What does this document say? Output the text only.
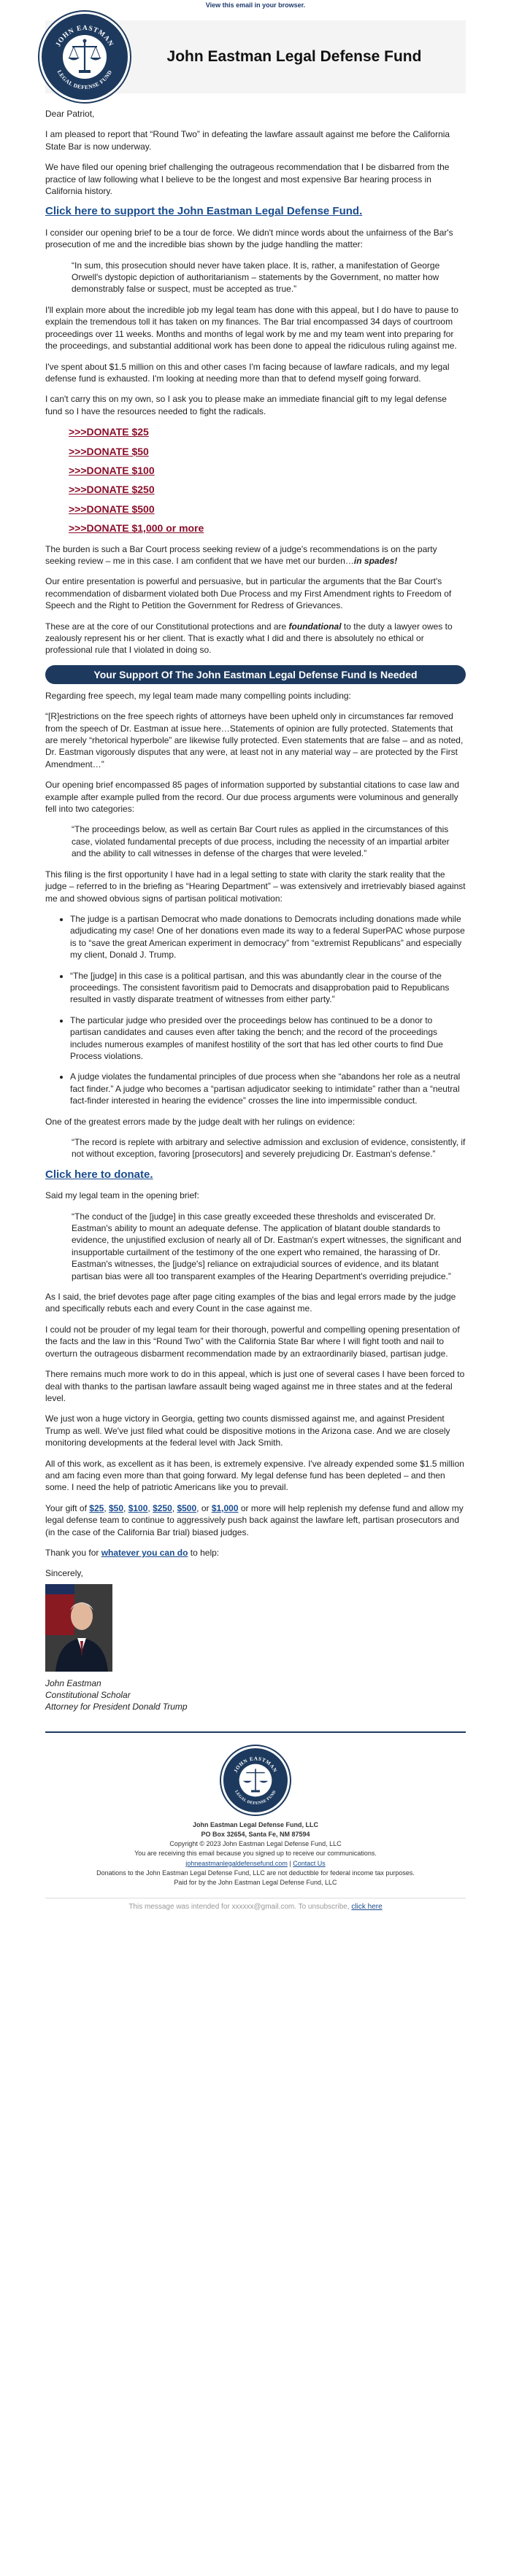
View this email in your browser.
JOHN EASTMAN
LEGAL DEFENSE FUND
John Eastman Legal Defense Fund

Dear Patriot,

I am pleased to report that “Round Two” in defeating the lawfare assault against me before the California State Bar is now underway.

We have filed our opening brief challenging the outrageous recommendation that I be disbarred from the practice of law following what I believe to be the longest and most expensive Bar hearing process in California history.

Click here to support the John Eastman Legal Defense Fund.

I consider our opening brief to be a tour de force. We didn't mince words about the unfairness of the Bar's prosecution of me and the incredible bias shown by the judge handling the matter:

“In sum, this prosecution should never have taken place. It is, rather, a manifestation of George Orwell's dystopic depiction of authoritarianism – statements by the Government, no matter how demonstrably false or suspect, must be accepted as true.”

I'll explain more about the incredible job my legal team has done with this appeal, but I do have to pause to explain the tremendous toll it has taken on my finances. The Bar trial encompassed 34 days of courtroom proceedings over 11 weeks. Months and months of legal work by me and my team went into preparing for the proceedings, and substantial additional work has been done to appeal the ridiculous ruling against me.

I've spent about $1.5 million on this and other cases I'm facing because of lawfare radicals, and my legal defense fund is exhausted. I'm looking at needing more than that to defend myself going forward.

I can't carry this on my own, so I ask you to please make an immediate financial gift to my legal defense fund so I have the resources needed to fight the radicals.

>>>DONATE $25
>>>DONATE $50
>>>DONATE $100
>>>DONATE $250
>>>DONATE $500
>>>DONATE $1,000 or more

The burden is such a Bar Court process seeking review of a judge's recommendations is on the party seeking review – me in this case. I am confident that we have met our burden…in spades!

Our entire presentation is powerful and persuasive, but in particular the arguments that the Bar Court's recommendation of disbarment violated both Due Process and my First Amendment rights to Freedom of Speech and the Right to Petition the Government for Redress of Grievances.

These are at the core of our Constitutional protections and are foundational to the duty a lawyer owes to zealously represent his or her client. That is exactly what I did and there is absolutely no ethical or professional rule that I violated in doing so.

Your Support Of The John Eastman Legal Defense Fund Is Needed

Regarding free speech, my legal team made many compelling points including:

“[R]estrictions on the free speech rights of attorneys have been upheld only in circumstances far removed from the speech of Dr. Eastman at issue here…Statements of opinion are fully protected. Statements that are merely “rhetorical hyperbole” are likewise fully protected. Even statements that are false – and as noted, Dr. Eastman vigorously disputes that any were, at least not in any material way – are protected by the First Amendment…”

Our opening brief encompassed 85 pages of information supported by substantial citations to case law and example after example pulled from the record. Our due process arguments were voluminous and generally fell into two categories:

“The proceedings below, as well as certain Bar Court rules as applied in the circumstances of this case, violated fundamental precepts of due process, including the necessity of an impartial arbiter and the ability to call witnesses in defense of the charges that were leveled.”

This filing is the first opportunity I have had in a legal setting to state with clarity the stark reality that the judge – referred to in the briefing as “Hearing Department” – was extensively and irretrievably biased against me and showed obvious signs of partisan political motivation:

• The judge is a partisan Democrat who made donations to Democrats including donations made while adjudicating my case! One of her donations even made its way to a federal SuperPAC whose purpose is to “save the great American experiment in democracy” from “extremist Republicans” and especially my client, Donald J. Trump.
• “The [judge] in this case is a political partisan, and this was abundantly clear in the course of the proceedings. The consistent favoritism paid to Democrats and disapprobation paid to Republicans resulted in vastly disparate treatment of witnesses from either party.”
• The particular judge who presided over the proceedings below has continued to be a donor to partisan candidates and causes even after taking the bench; and the record of the proceedings includes numerous examples of manifest hostility of the sort that has led other courts to find Due Process violations.
• A judge violates the fundamental principles of due process when she “abandons her role as a neutral fact finder.” A judge who becomes a “partisan adjudicator seeking to intimidate” rather than a “neutral fact-finder interested in hearing the evidence” crosses the line into impermissible conduct.

One of the greatest errors made by the judge dealt with her rulings on evidence:

“The record is replete with arbitrary and selective admission and exclusion of evidence, consistently, if not without exception, favoring [prosecutors] and severely prejudicing Dr. Eastman's defense.”
Click here to donate.

Said my legal team in the opening brief:

“The conduct of the [judge] in this case greatly exceeded these thresholds and eviscerated Dr. Eastman's ability to mount an adequate defense. The application of blatant double standards to evidence, the unjustified exclusion of nearly all of Dr. Eastman's expert witnesses, the significant and insupportable curtailment of the testimony of the one expert who remained, the harassing of Dr. Eastman's witnesses, the [judge's] reliance on extrajudicial sources of evidence, and its blatant partisan bias were all too transparent examples of the Hearing Department's overriding prejudice.”

As I said, the brief devotes page after page citing examples of the bias and legal errors made by the judge and specifically rebuts each and every Count in the case against me.

I could not be prouder of my legal team for their thorough, powerful and compelling opening presentation of the facts and the law in this “Round Two” with the California State Bar where I will fight tooth and nail to overturn the outrageous disbarment recommendation made by an extraordinarily biased, partisan judge.

There remains much more work to do in this appeal, which is just one of several cases I have been forced to deal with thanks to the partisan lawfare assault being waged against me in three states and at the federal level.

We just won a huge victory in Georgia, getting two counts dismissed against me, and against President Trump as well. We've just filed what could be dispositive motions in the Arizona case. And we are closely monitoring developments at the federal level with Jack Smith.

All of this work, as excellent as it has been, is extremely expensive. I've already expended some $1.5 million and am facing even more than that going forward. My legal defense fund has been depleted – and then some. I need the help of patriotic Americans like you to prevail.

Your gift of $25, $50, $100, $250, $500, or $1,000 or more will help replenish my defense fund and allow my legal defense team to continue to aggressively push back against the lawfare left, partisan prosecutors and (in the case of the California Bar trial) biased judges.

Thank you for whatever you can do to help:

Sincerely,

John Eastman
Constitutional Scholar
Attorney for President Donald Trump
JOHN EASTMAN
LEGAL DEFENSE FUND
John Eastman Legal Defense Fund, LLC
PO Box 32654, Santa Fe, NM 87594
Copyright © 2023 John Eastman Legal Defense Fund, LLC
You are receiving this email because you signed up to receive our communications.
johneastmanlegaldefensefund.com | Contact Us
Donations to the John Eastman Legal Defense Fund, LLC are not deductible for federal income tax purposes.
Paid for by the John Eastman Legal Defense Fund, LLC
This message was intended for xxxxxx@gmail.com. To unsubscribe, click here
